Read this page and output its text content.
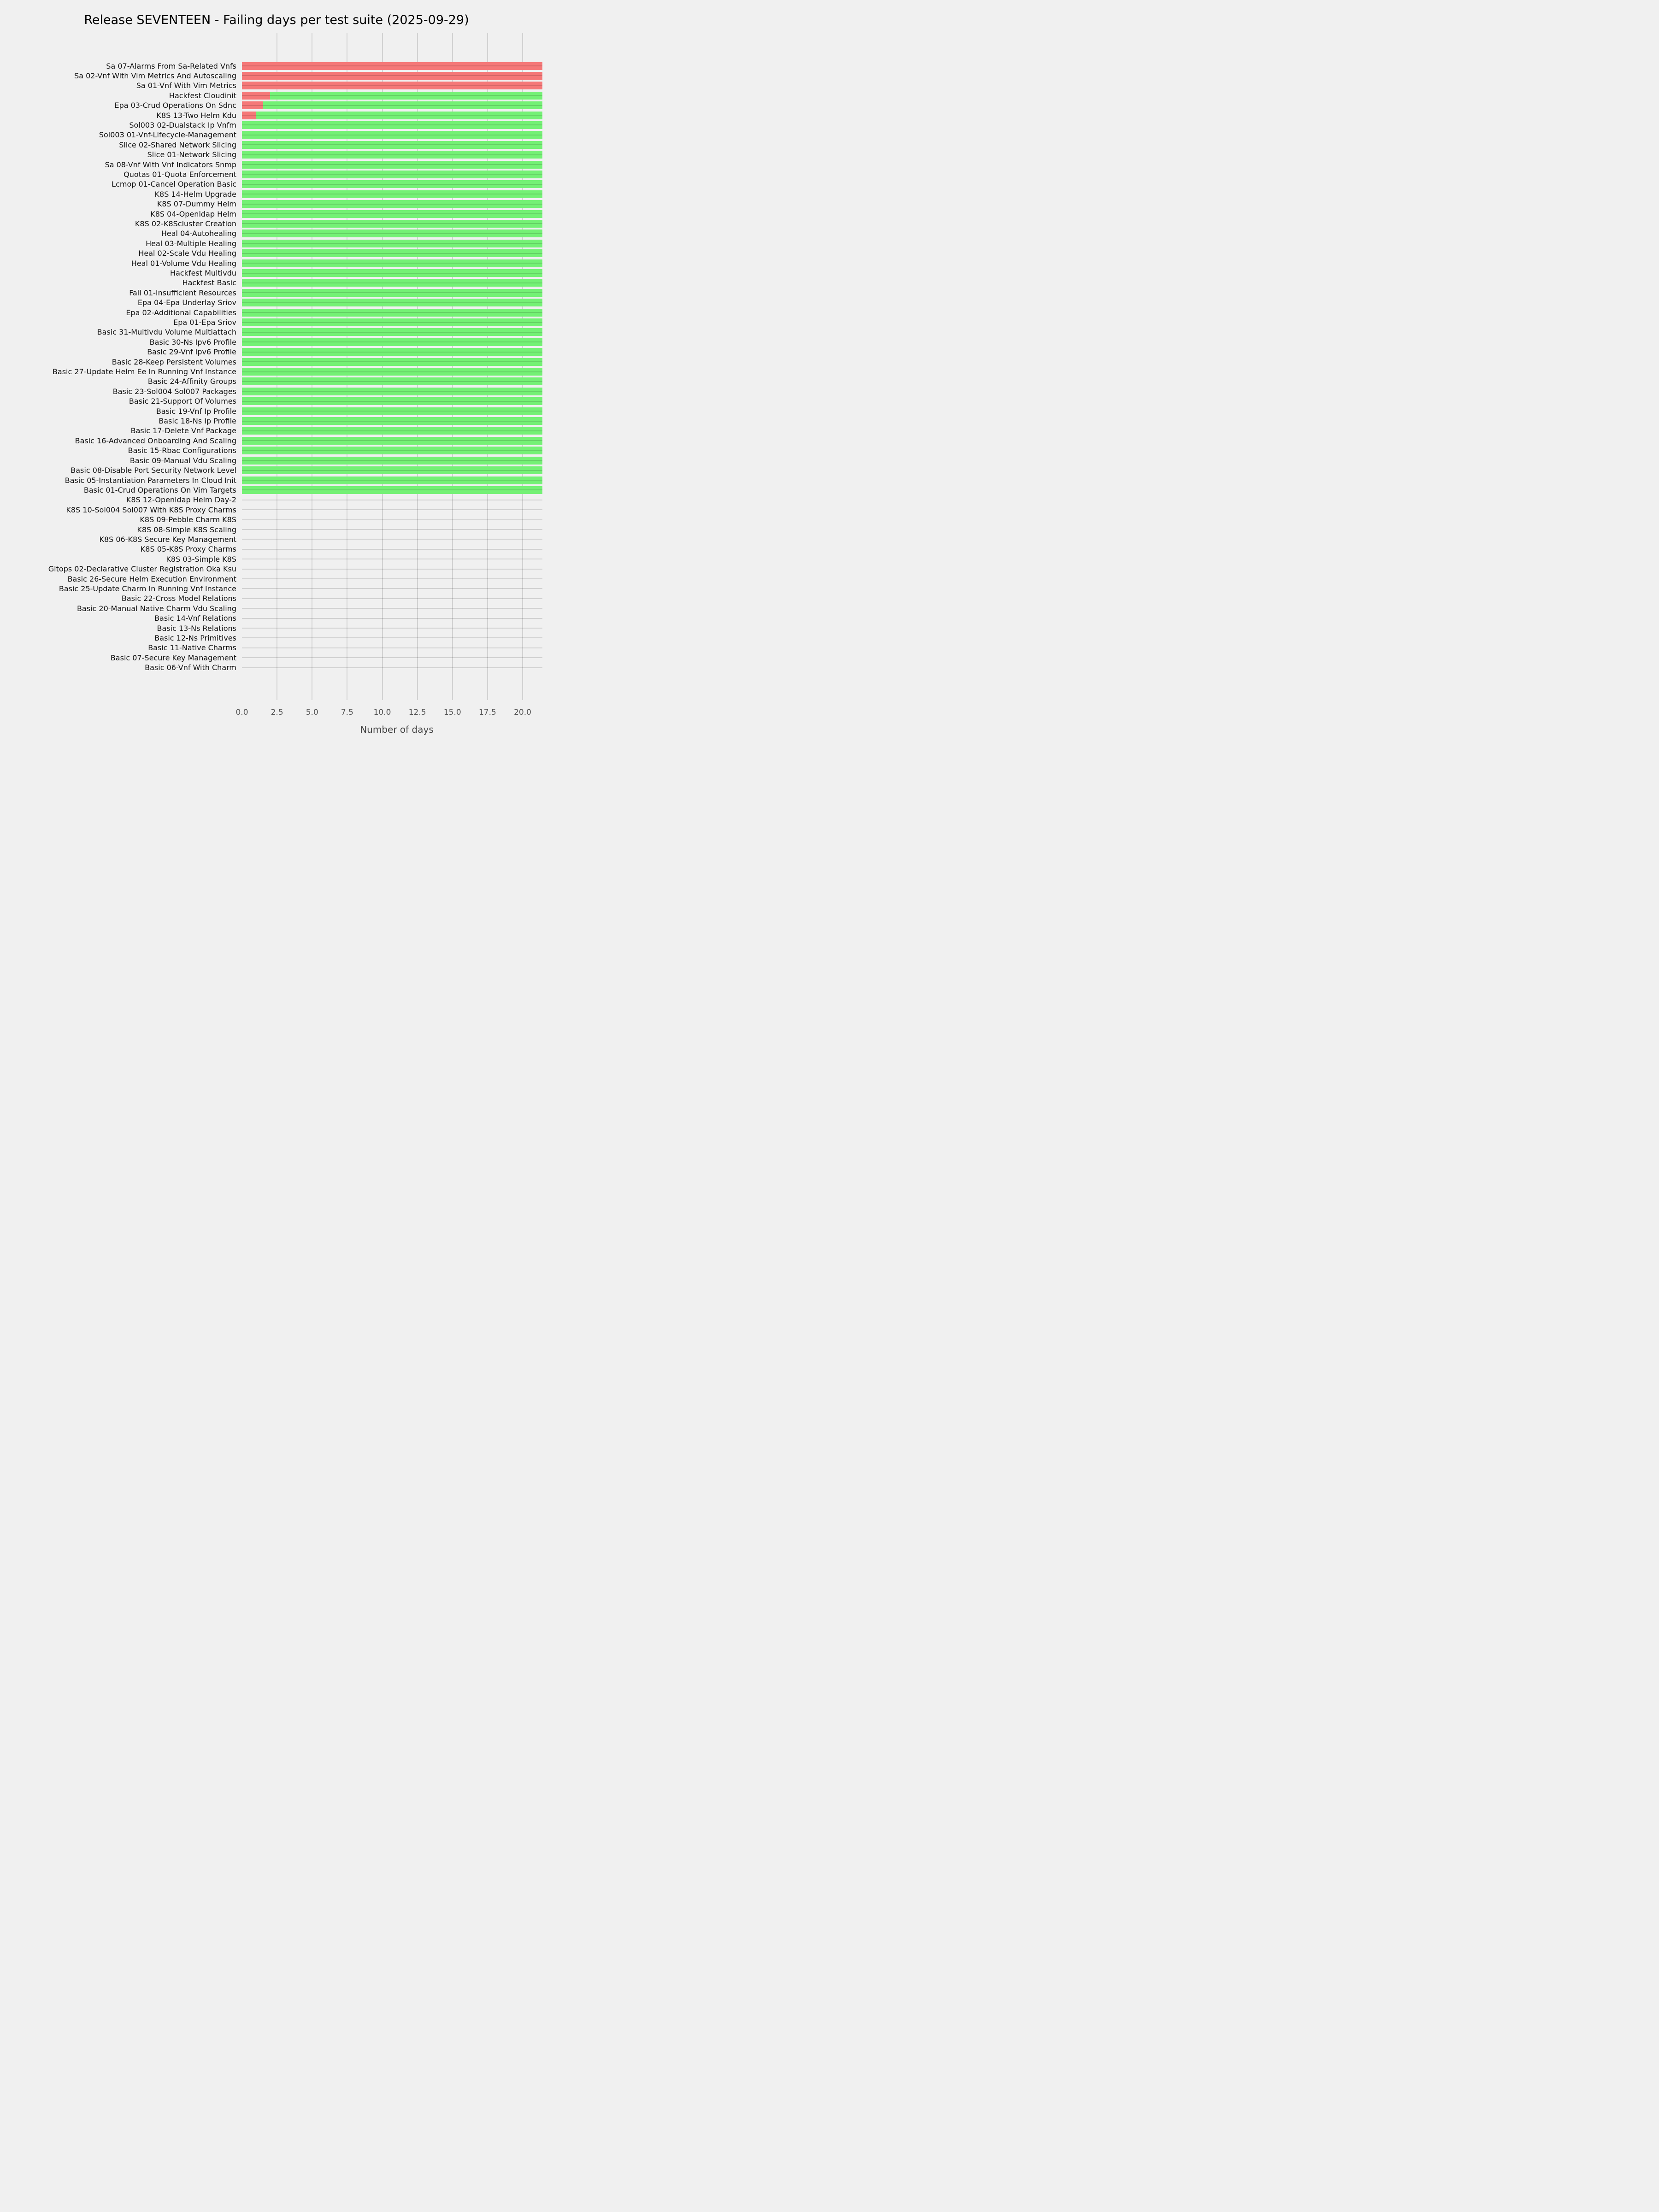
Release SEVENTEEN - Failing days per test suite (2025-09-29)
Sa 07-Alarms From Sa-Related Vnfs
Sa 02-Vnf With Vim Metrics And Autoscaling
Sa 01-Vnf With Vim Metrics
Hackfest Cloudinit
Epa 03-Crud Operations On Sdnc
K8S 13-Two Helm Kdu
Sol003 02-Dualstack Ip Vnfm
Sol003 01-Vnf-Lifecycle-Management
Slice 02-Shared Network Slicing
Slice 01-Network Slicing
Sa 08-Vnf With Vnf Indicators Snmp
Quotas 01-Quota Enforcement
Lcmop 01-Cancel Operation Basic
K8S 14-Helm Upgrade
K8S 07-Dummy Helm
K8S 04-Openldap Helm
K8S 02-K8Scluster Creation
Heal 04-Autohealing
Heal 03-Multiple Healing
Heal 02-Scale Vdu Healing
Heal 01-Volume Vdu Healing
Hackfest Multivdu
Hackfest Basic
Fail 01-Insufficient Resources
Epa 04-Epa Underlay Sriov
Epa 02-Additional Capabilities
Epa 01-Epa Sriov
Basic 31-Multivdu Volume Multiattach
Basic 30-Ns Ipv6 Profile
Basic 29-Vnf Ipv6 Profile
Basic 28-Keep Persistent Volumes
Basic 27-Update Helm Ee In Running Vnf Instance
Basic 24-Affinity Groups
Basic 23-Sol004 Sol007 Packages
Basic 21-Support Of Volumes
Basic 19-Vnf Ip Profile
Basic 18-Ns Ip Profile
Basic 17-Delete Vnf Package
Basic 16-Advanced Onboarding And Scaling
Basic 15-Rbac Configurations
Basic 09-Manual Vdu Scaling
Basic 08-Disable Port Security Network Level
Basic 05-Instantiation Parameters In Cloud Init
Basic 01-Crud Operations On Vim Targets
K8S 12-Openldap Helm Day-2
K8S 10-Sol004 Sol007 With K8S Proxy Charms
K8S 09-Pebble Charm K8S
K8S 08-Simple K8S Scaling
K8S 06-K8S Secure Key Management
K8S 05-K8S Proxy Charms
K8S 03-Simple K8S
Gitops 02-Declarative Cluster Registration Oka Ksu
Basic 26-Secure Helm Execution Environment
Basic 25-Update Charm In Running Vnf Instance
Basic 22-Cross Model Relations
Basic 20-Manual Native Charm Vdu Scaling
Basic 14-Vnf Relations
Basic 13-Ns Relations
Basic 12-Ns Primitives
Basic 11-Native Charms
Basic 07-Secure Key Management
Basic 06-Vnf With Charm
0.0	2.5	5.0	7.5	10.0 12.5 15.0 17.5 20.0
Number of days
